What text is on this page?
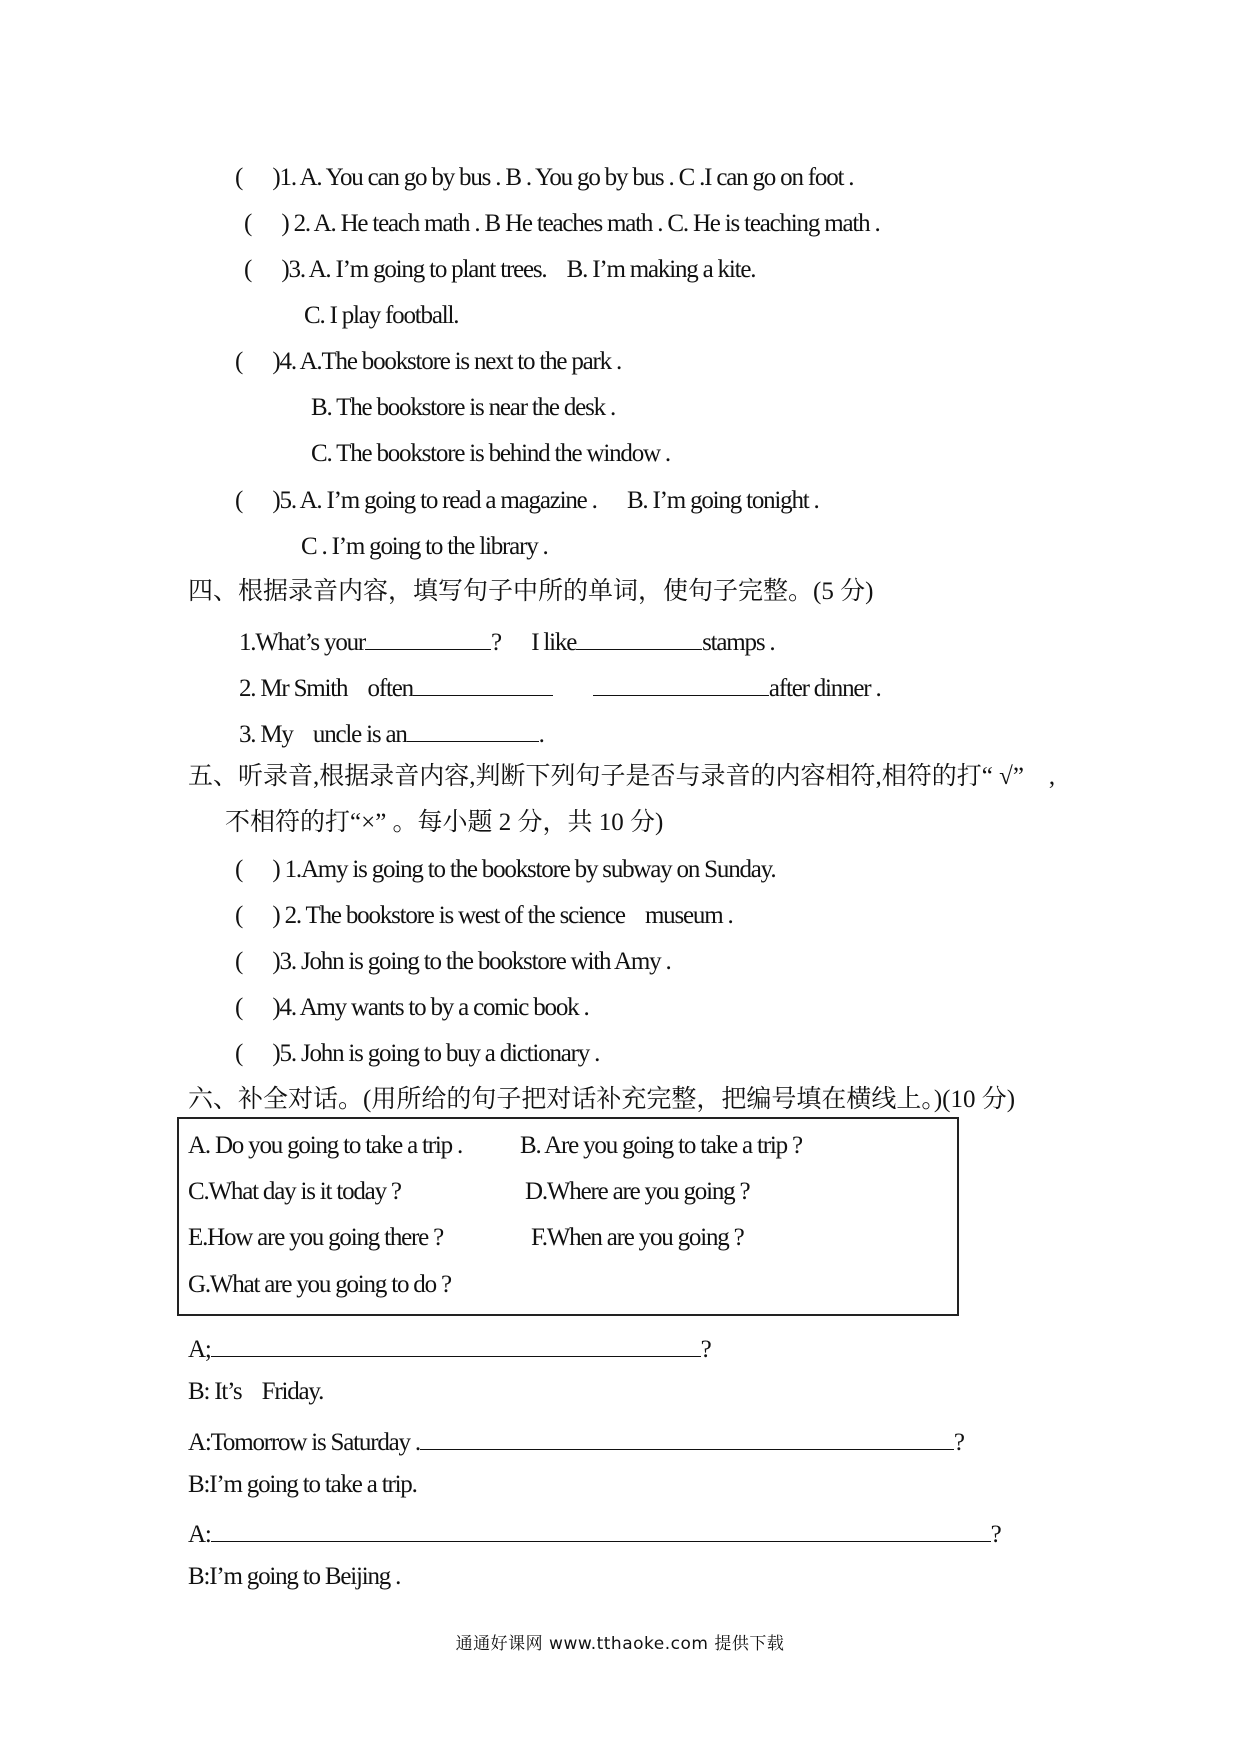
(      )1. A. You can go by bus . B . You go by bus . C .I can go on foot .
(      ) 2. A. He teach math . B He teaches math . C. He is teaching math .
(      )3. A. I’m going to plant trees.    B. I’m making a kite.
C. I play football.
(      )4. A.The bookstore is next to the park .
B. The bookstore is near the desk .
C. The bookstore is behind the window .
(      )5. A. I’m going to read a magazine .      B. I’m going tonight .
C . I’m going to the library .
四、根据录音内容，填写句子中所的单词，使句子完整。(5 分)
1.What’s your	?      I like	stamps .
2. Mr Smith    often	after dinner .
3. My    uncle is an	.
五、听录音,根据录音内容,判断下列句子是否与录音的内容相符,相符的打“ √”    ,
不相符的打“×” 。每小题 2 分，共 10 分)
(      ) 1.Amy is going to the bookstore by subway on Sunday.
(      ) 2. The bookstore is west of the science    museum .
(      )3. John is going to the bookstore with Amy .
(      )4. Amy wants to by a comic book .
(      )5. John is going to buy a dictionary .
六、补全对话。(用所给的句子把对话补充完整，把编号填在横线上。)(10 分)
A. Do you going to take a trip . B. Are you going to take a trip ?
C.What day is it today ?	D.Where are you going ?
E.How are you going there ?	F.When are you going ?
G.What are you going to do ?
A;	?
B: It’s    Friday.
A:Tomorrow is Saturday .	?
B:I’m going to take a trip.
A:	?
B:I’m going to Beijing .
通通好课网 www.tthaoke.com 提供下载
